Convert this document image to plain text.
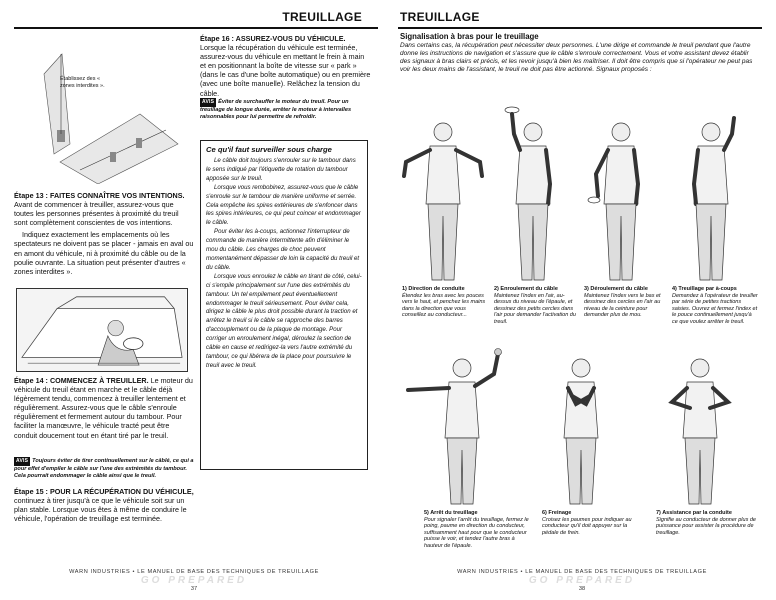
TREUILLAGE
Établissez des « zones interdites ».

Étape 13 : FAITES CONNAÎTRE VOS INTENTIONS. Avant de commencer à treuiller, assurez-vous que toutes les personnes présentes à proximité du treuil sont complètement conscientes de vos intentions.

Indiquez exactement les emplacements où les spectateurs ne doivent pas se placer - jamais en aval ou en amont du véhicule, ni à proximité du câble ou de la poulie ouvrante. La situation peut présenter d'autres « zones interdites ».

Étape 14 : COMMENCEZ À TREUILLER. Le moteur du véhicule du treuil étant en marche et le câble déjà légèrement tendu, commencez à treuiller lentement et régulièrement. Assurez-vous que le câble s'enroule régulièrement et fermement autour du tambour. Pour faciliter la manœuvre, le véhicule tracté peut être conduit doucement tout en étant tiré par le treuil.

AVIS Toujours éviter de tirer continuellement sur le câblé, ce qui a pour effet d'empiler le câble sur l'une des extrémités du tambour. Cela pourrait endommager le câble ainsi que le treuil.

Étape 15 : POUR LA RÉCUPÉRATION DU VÉHICULE, continuez à tirer jusqu'à ce que le véhicule soit sur un plan stable. Lorsque vous êtes à même de conduire le véhicule, l'opération de treuillage est terminée.

Étape 16 : ASSUREZ-VOUS DU VÉHICULE. Lorsque la récupération du véhicule est terminée, assurez-vous du véhicule en mettant le frein à main et en positionnant la boîte de vitesse sur « park » (dans le cas d'une boîte automatique) ou en première (avec une boîte manuelle). Relâchez la tension du câble.

AVIS Éviter de surchauffer le moteur du treuil. Pour un treuillage de longue durée, arrêter le moteur à intervalles raisonnables pour lui permettre de refroidir.
Ce qu'il faut surveiller sous charge

Le câble doit toujours s'enrouler sur le tambour dans le sens indiqué par l'étiquette de rotation du tambour apposée sur le treuil.

Lorsque vous rembobinez, assurez-vous que le câble s'enroule sur le tambour de manière uniforme et serrée. Cela empêche les spires extérieures de s'enfoncer dans les spires intérieures, ce qui peut coincer et endommager le câble.

Pour éviter les à-coups, actionnez l'interrupteur de commande de manière intermittente afin d'éliminer le mou du câble. Les charges de choc peuvent momentanément dépasser de loin la capacité du treuil et du câble.

Lorsque vous enroulez le câble en tirant de côté, celui-ci s'empile principalement sur l'une des extrémités du tambour. Un tel empilement peut éventuellement endommager le treuil sérieusement. Pour éviter cela, dirigez le câble le plus droit possible durant la traction et arrêtez le treuil si le câble se rapproche des barres d'accouplement ou de la plaque de montage. Pour corriger un enroulement inégal, déroulez la section de câble en cause et redirigez-la vers l'autre extrémité du tambour, ce qui libérera de la place pour poursuivre le treuil avec le treuil.

WARN INDUSTRIES • LE MANUEL DE BASE DES TECHNIQUES DE TREUILLAGE
GO PREPARED
37
TREUILLAGE
Signalisation à bras pour le treuillage
Dans certains cas, la récupération peut nécessiter deux personnes. L'une dirige et commande le treuil pendant que l'autre donne les instructions de navigation et s'assure que le câble s'enroule correctement. Vous et votre assistant devez établir des signaux à bras clairs et précis, et les revoir jusqu'à bien les maîtriser. Il doit être compris que si l'opérateur ne peut pas voir les deux mains de l'assistant, le treuil ne doit pas être actionné. Signaux proposés :
1) Direction de conduite
Étendez les bras avec les pouces vers le haut, et penchez les mains dans la direction que vous conseillez au conducteur...
2) Enroulement du câble
Maintenez l'index en l'air, au-dessus du niveau de l'épaule, et dessinez des petits cercles dans l'air pour demander l'activation du treuil.
3) Déroulement du câble
Maintenez l'index vers le bas et dessinez des cercles en l'air au niveau de la ceinture pour demander plus de mou.
4) Treuillage par à-coups
Demandez à l'opérateur de treuiller par série de petites tractions saisies. Ouvrez et fermez l'index et le pouce continuellement jusqu'à ce que voulez arrêter le treuil.
5) Arrêt du treuillage
Pour signaler l'arrêt du treuillage, fermez le poing, paume en direction du conducteur, suffisamment haut pour que le conducteur puisse le voir, et tendez l'autre bras à hauteur de l'épaule.
6) Freinage
Croisez les paumes pour indiquer au conducteur qu'il doit appuyer sur la pédale de frein.
7) Assistance par la conduite
Signifie au conducteur de donner plus de puissance pour assister la procédure de treuillage.
WARN INDUSTRIES • LE MANUEL DE BASE DES TECHNIQUES DE TREUILLAGE
GO PREPARED
38
